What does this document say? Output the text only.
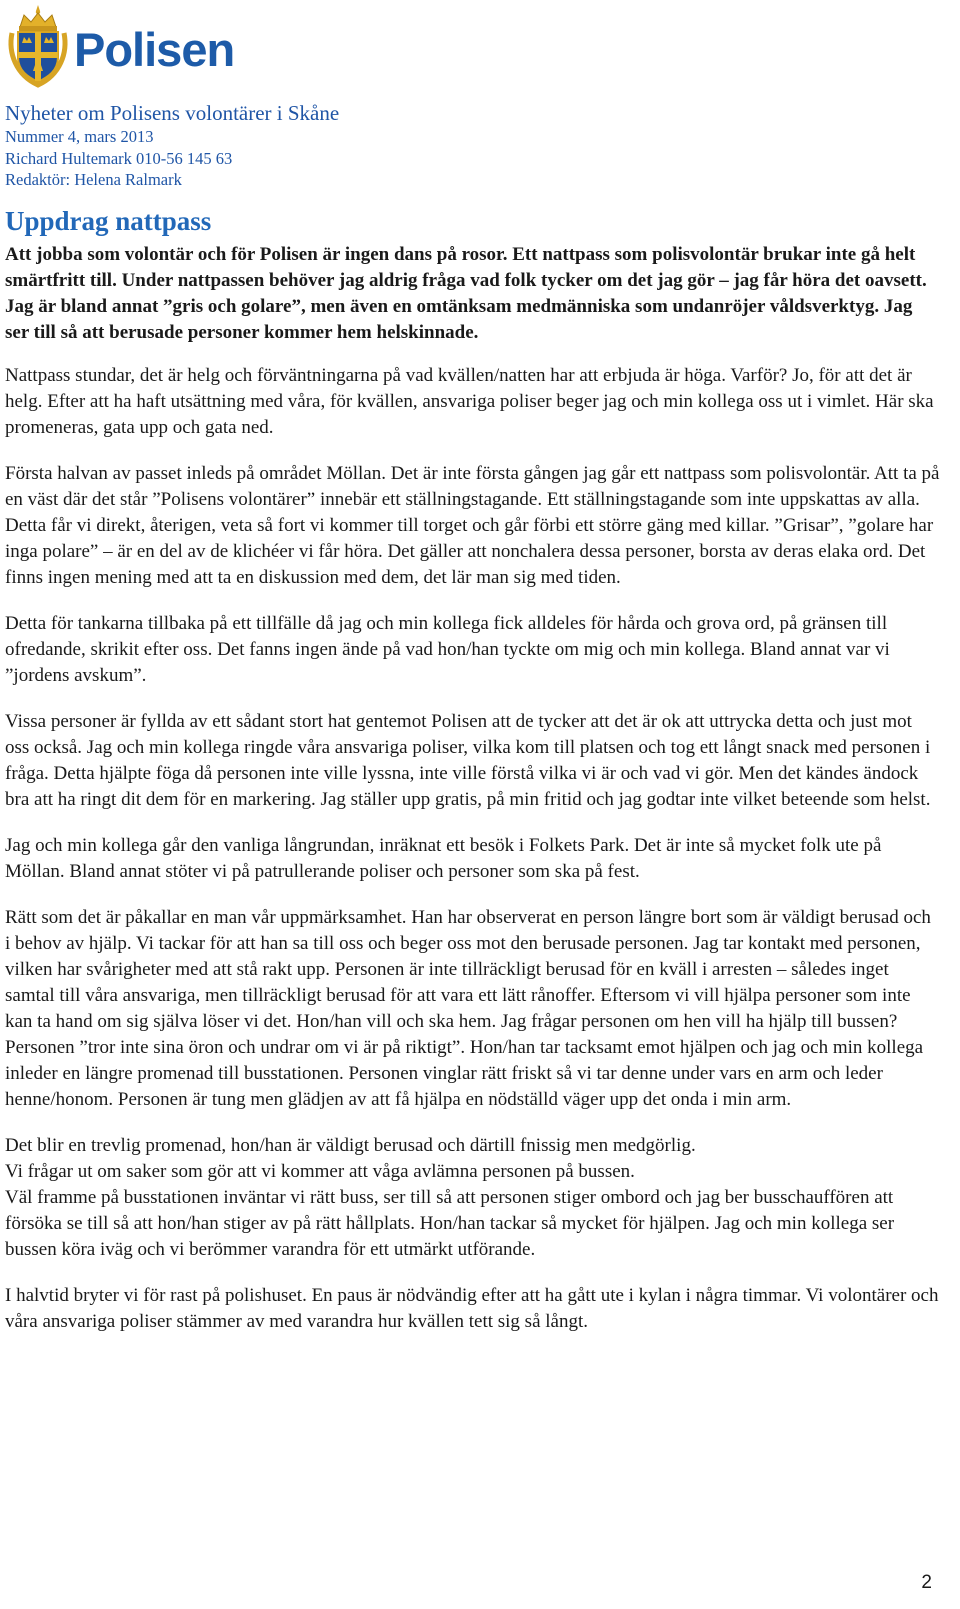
Polisen
Nyheter om Polisens volontärer i Skåne
Nummer 4, mars 2013
Richard Hultemark 010-56 145 63
Redaktör: Helena Ralmark
Uppdrag nattpass

Att jobba som volontär och för Polisen är ingen dans på rosor. Ett nattpass som polisvolontär brukar inte gå helt smärtfritt till. Under nattpassen behöver jag aldrig fråga vad folk tycker om det jag gör – jag får höra det oavsett. Jag är bland annat ”gris och golare”, men även en omtänksam medmänniska som undanröjer våldsverktyg. Jag ser till så att berusade personer kommer hem helskinnade.

Nattpass stundar, det är helg och förväntningarna på vad kvällen/natten har att erbjuda är höga. Varför? Jo, för att det är helg. Efter att ha haft utsättning med våra, för kvällen, ansvariga poliser beger jag och min kollega oss ut i vimlet. Här ska promeneras, gata upp och gata ned.

Första halvan av passet inleds på området Möllan. Det är inte första gången jag går ett nattpass som polisvolontär. Att ta på en väst där det står ”Polisens volontärer” innebär ett ställningstagande. Ett ställningstagande som inte uppskattas av alla. Detta får vi direkt, återigen, veta så fort vi kommer till torget och går förbi ett större gäng med killar. ”Grisar”, ”golare har inga polare” – är en del av de klichéer vi får höra. Det gäller att nonchalera dessa personer, borsta av deras elaka ord. Det finns ingen mening med att ta en diskussion med dem, det lär man sig med tiden.

Detta för tankarna tillbaka på ett tillfälle då jag och min kollega fick alldeles för hårda och grova ord, på gränsen till ofredande, skrikit efter oss. Det fanns ingen ände på vad hon/han tyckte om mig och min kollega. Bland annat var vi ”jordens avskum”.

Vissa personer är fyllda av ett sådant stort hat gentemot Polisen att de tycker att det är ok att uttrycka detta och just mot oss också. Jag och min kollega ringde våra ansvariga poliser, vilka kom till platsen och tog ett långt snack med personen i fråga. Detta hjälpte föga då personen inte ville lyssna, inte ville förstå vilka vi är och vad vi gör. Men det kändes ändock bra att ha ringt dit dem för en markering. Jag ställer upp gratis, på min fritid och jag godtar inte vilket beteende som helst.

Jag och min kollega går den vanliga långrundan, inräknat ett besök i Folkets Park. Det är inte så mycket folk ute på Möllan. Bland annat stöter vi på patrullerande poliser och personer som ska på fest.

Rätt som det är påkallar en man vår uppmärksamhet. Han har observerat en person längre bort som är väldigt berusad och i behov av hjälp. Vi tackar för att han sa till oss och beger oss mot den berusade personen. Jag tar kontakt med personen, vilken har svårigheter med att stå rakt upp. Personen är inte tillräckligt berusad för en kväll i arresten – således inget samtal till våra ansvariga, men tillräckligt berusad för att vara ett lätt rånoffer. Eftersom vi vill hjälpa personer som inte kan ta hand om sig själva löser vi det. Hon/han vill och ska hem. Jag frågar personen om hen vill ha hjälp till bussen? Personen ”tror inte sina öron och undrar om vi är på riktigt”. Hon/han tar tacksamt emot hjälpen och jag och min kollega inleder en längre promenad till busstationen. Personen vinglar rätt friskt så vi tar denne under vars en arm och leder henne/honom. Personen är tung men glädjen av att få hjälpa en nödställd väger upp det onda i min arm.

Det blir en trevlig promenad, hon/han är väldigt berusad och därtill fnissig men medgörlig.
Vi frågar ut om saker som gör att vi kommer att våga avlämna personen på bussen.
Väl framme på busstationen inväntar vi rätt buss, ser till så att personen stiger ombord och jag ber busschauffören att försöka se till så att hon/han stiger av på rätt hållplats. Hon/han tackar så mycket för hjälpen. Jag och min kollega ser bussen köra iväg och vi berömmer varandra för ett utmärkt utförande.

I halvtid bryter vi för rast på polishuset. En paus är nödvändig efter att ha gått ute i kylan i några timmar. Vi volontärer och våra ansvariga poliser stämmer av med varandra hur kvällen tett sig så långt.

2
